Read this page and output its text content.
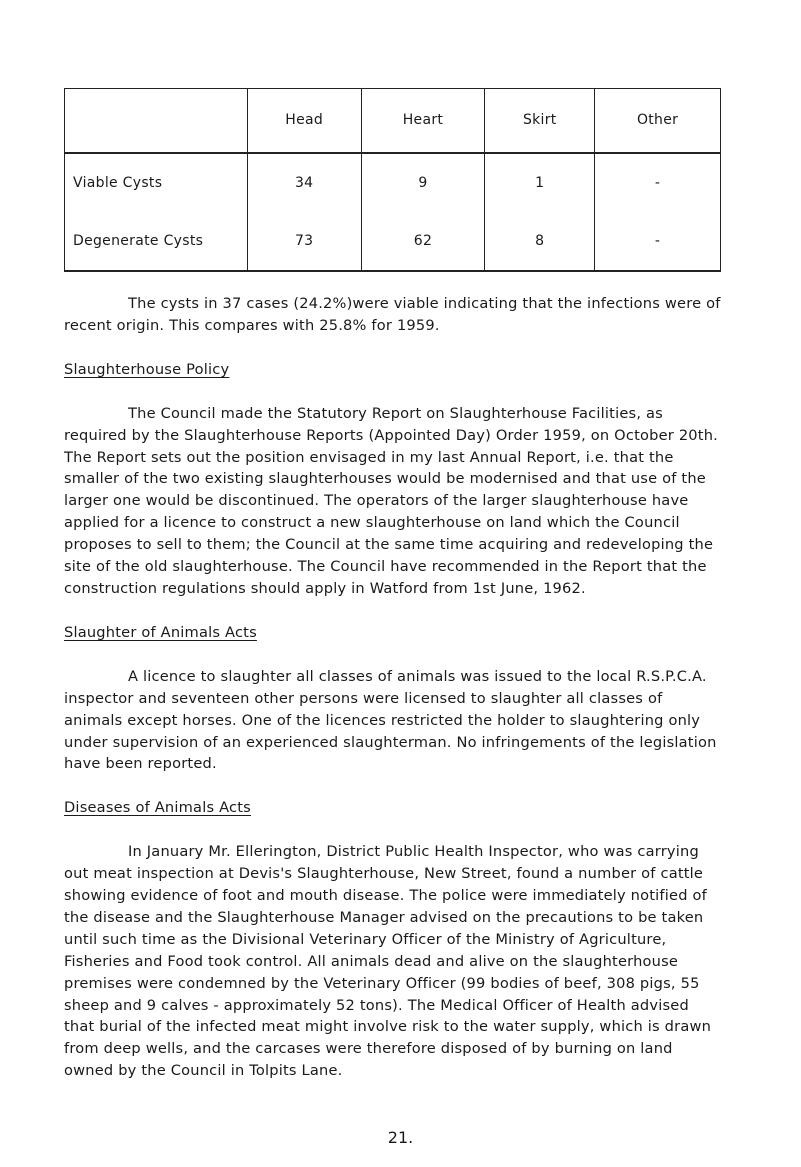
	Head	Heart	Skirt	Other
Viable Cysts	34	9	1	-
Degenerate Cysts	73	62	8	-

The cysts in 37 cases (24.2%)were viable indicating that the infections were of recent origin. This compares with 25.8% for 1959.

Slaughterhouse Policy

The Council made the Statutory Report on Slaughterhouse Facilities, as required by the Slaughterhouse Reports (Appointed Day) Order 1959, on October 20th. The Report sets out the position envisaged in my last Annual Report, i.e. that the smaller of the two existing slaughterhouses would be modernised and that use of the larger one would be discontinued. The operators of the larger slaughterhouse have applied for a licence to construct a new slaughterhouse on land which the Council proposes to sell to them; the Council at the same time acquiring and redeveloping the site of the old slaughterhouse. The Council have recommended in the Report that the construction regulations should apply in Watford from 1st June, 1962.

Slaughter of Animals Acts

A licence to slaughter all classes of animals was issued to the local R.S.P.C.A. inspector and seventeen other persons were licensed to slaughter all classes of animals except horses. One of the licences restricted the holder to slaughtering only under supervision of an experienced slaughterman. No infringements of the legislation have been reported.

Diseases of Animals Acts

In January Mr. Ellerington, District Public Health Inspector, who was carrying out meat inspection at Devis's Slaughterhouse, New Street, found a number of cattle showing evidence of foot and mouth disease. The police were immediately notified of the disease and the Slaughterhouse Manager advised on the precautions to be taken until such time as the Divisional Veterinary Officer of the Ministry of Agriculture, Fisheries and Food took control. All animals dead and alive on the slaughterhouse premises were condemned by the Veterinary Officer (99 bodies of beef, 308 pigs, 55 sheep and 9 calves - approximately 52 tons). The Medical Officer of Health advised that burial of the infected meat might involve risk to the water supply, which is drawn from deep wells, and the carcases were therefore disposed of by burning on land owned by the Council in Tolpits Lane.

21.
